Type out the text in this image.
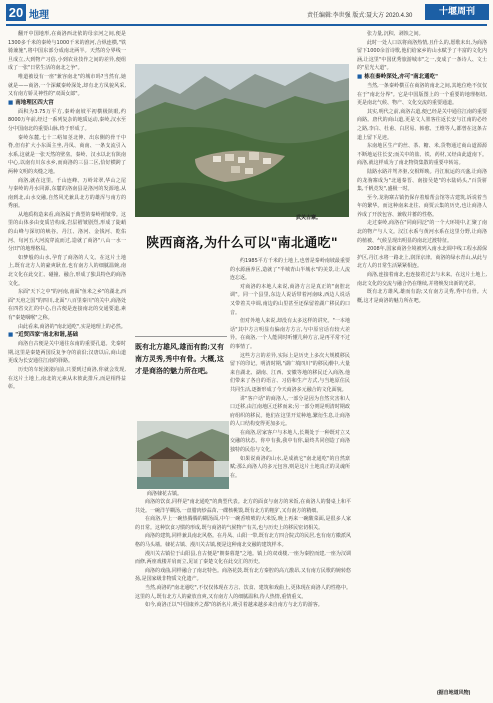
20 地理	责任编辑:李世强 版式:聂大方 2020.4.30	十堰周刊

翻开中国地形,在商洛西北依的母亲河之间,便是1300多千米的秦岭与1000千米的淮河,合纵连横,"铁骑兼施",将中国东部分成南北两半。天然的分界线一旦成立,大到物产习俗,小到农业技作之间的差异,便组成了一张"日常生活的南北之争"。

唯道被设有一座"兼容南北"的城市吗?当然有,她就是——商洛,一个深藏秦岭深处,却有北方凤貌风采,又有南方娇灵神性的"双面女郎"。

■ 南地理区四大宫

面积为3.75万平方,秦岭南坡平初横极陕眼,约8000万年前,经过一系列复杂的地质运动,秦岭,汉水至分中国南北的重要山脉,终于形成了。

秦岭东麓,七十二峪如茎北伸、出东侧的骨干中脊,但有扩大小东面主坐,丹凤、商南、一条支流引入水系,这就是一张天然的壁垒。秦岭、汉水以北有陕南中心,以南有川东水乡,而商洛的三县二区,恰好横跨了两种文明的夹缝之地。

商洛,就在这里。千山连峰、万岭耸翠,华山之尾与秦岭的丹水同源,东麓的洛南县是洛河的发源地,从南到北,山水交融,自然风光兼具北方的雄浑与南方的秀丽。

从地质构造来看,商洛属于典型的秦岭褶皱带。这里的山体多由变质岩构成,岩层褶皱剧烈,形成了陡峭的山峰与深切的峡谷。丹江、洛河、金钱河、乾佑河、旬河五大河流穿流而过,造就了商洛"八山一水一分田"的地理格局。

如梦般的山水,孕育了商洛的人文。在这片土地上,既有北方人的豪爽耿直,也有南方人的细腻温婉,南北文化在此交汇、碰撞、融合,形成了独具特色的商洛文化。

东面"天下之中"的河南,南面"鱼米之乡"的湖北,西面"天府之国"的四川,北面"八百里秦川"的关中,商洛处在四省交汇的中心,自古便是连接南北的交通要道,素有"秦楚咽喉"之称。

由此看来,商洛的"南北通吃",实是地理上的必然。

■ "近贸四家"南北和谐,基础

商洛自古便是关中通往东南的重要孔道。先秦时期,这里是秦楚两国反复争夺的前沿;汉唐以后,商山道更成为长安通往江南的驿路。

历史的车轮滚滚向前,只要到过商洛,你就会发现,在这片土地上,南北的元素从未彼此排斥,而是相得益彰。

张力量,沉积、剥蚀之间。

此时一处人口以将商洛热情,且什么的,愿歌未出,为商洛留下1000余首诗歌,他们给家乡的山水赋予了丰富的文化内涵,让这里"中国优秀旅游城市"之一,变成了一条诗人、文士的"星光大道"。

■ 栋在秦岭深处,亦可"南北通吃"

当然,一条秦岭横亘在商洛的南北之间,其地位绝不仅仅在于"南北分界"。它是中国版图上的一个重要的地理枢纽,更是南北气候、物产、文化交流的重要通道。

其实,明代之前,商洛古道,便已经是关中通往江南的重要商路。唐代的商山道,更是文人墨客往返长安与江南的必经之路,李白、杜甫、白居易、韩愈、王维等人,都曾在这条古道上留下足迹。

东南地区生产的丝、茶、糖、米,货物通过商山道源源不断地运往长安;而关中的盐、铁、药材,又经由此道南下。商洛,就这样成为了南北物资集散的重要中转站。

陆路水路并驾齐驱,交相辉映。丹江航运的兴盛,让商洛的龙驹寨成为"北通秦晋、南接吴楚"的水陆码头,"百货骈集,千帆竞发",盛极一时。

至今,龙驹寨古镇仍保存着船帮会馆等古建筑,诉说着当年的繁华。而这种南来北往、商贾云集的历史,也让商洛人养成了开放包容、兼收并蓄的性格。

走过秦岭,商洛在"同商同泛"的一个大环境中,汇聚了南北的物产与人文。汉江水系与黄河水系在这里分野,让商洛的植被、气候呈现出明显的南北过渡特征。

2008年,国家商洛全境被列入南水北调中线工程水源保护区,丹江水将一路北上,润泽京津。商洛的绿水青山,从此与北方人的日常生活紧紧相连。

商洛,连接着南北,也连接着过去与未来。在这片土地上,南北文化的交流与融合仍在继续,并将焕发出新的光彩。

既有北方雄风,雄而有韵;又有南方灵秀,秀中有骨。大概,这才是商洛的魅力所在吧。

武关古寨。
陕西商洛,为什么可以"南北通吃"

约1985平方千米的土地上,也曾是秦岭南坡最重要的水源涵养区,造就了"半城青山半城水"的美景,让人流连忘返。

对商洛的本地人来说,商洛方言是真正的"南腔北调"。同一个县里,东边人说话带着河南味,西边人说话又带着关中调,南边的山里甚至还保留着湖广移民的口音。

但对外地人来说,却没有太多这样的讲究。"一本地话"其中方言明显有偏南方方言,与中原官话有较大差异。在商洛,一个人能同时听懂几种方言,是再平常不过的事情了。

这些方言的差异,实际上是历史上多次大规模移民留下的印记。明清时期,"湖广填四川"的移民潮中,大量来自湖北、湖南、江西、安徽等地的移民迁入商洛,他们带来了各自的语言、习俗和生产方式,与当地原住民共同生活,逐渐形成了今天商洛多元融合的文化面貌。

讲"客户话"的商洛人,一部分是因为自然灾害和人口迁移,由江南地区迁移而来;另一部分则是明清时期政府组织的移民。他们在这里开荒种地,繁衍生息,让商洛的人口结构变得更加多元。

在商洛,居家客户与本地人,长期处于一种既对立又交融的状态。你中有我,我中有你,最终共同创造了商洛独特的民俗与文化。

如果说商洛的山水,是成就它"南北通吃"的自然禀赋;那么商洛人的多元包容,则是这片土地真正的灵魂所在。

既有北方雄风,雄而有韵;又有南方灵秀,秀中有骨。大概,这才是商洛的魅力所在吧。
商洛棣花古镇。

商洛的饮食,同样是"南北通吃"的典型代表。北方的面食与南方的米饭,在商洛人的餐桌上和平共处。一碗洋芋糊汤,一盘腊肉炒蒜苗,一碟核桃馍,既有北方的粗犷,又有南方的精细。

在商洛,早上一碗热腾腾的糊汤面,中午一碗香喷喷的大米饭,晚上再来一碗酸菜面,是很多人家的日常。这种饮食习惯的形成,既与商洛的气候物产有关,也与历史上的移民密切相关。

商洛的建筑,同样兼具南北风格。在丹凤、山阳一带,既有北方四合院式的民居,也有南方徽派风格的马头墙。棣花古镇、漫川关古镇,便是这种南北交融的建筑样本。

漫川关古镇位于山阳县,自古便是"朝秦暮楚"之地。镇上的双戏楼,一座为秦腔而建,一座为汉调而修,两座戏楼并肩而立,见证了秦楚文化在此交汇的历史。

商洛的戏曲,同样融合了南北特色。商洛花鼓,既有北方秦腔的高亢激昂,又有南方民歌的婉转悠扬,是国家级非物质文化遗产。

当然,商洛的"南北通吃",不仅仅体现在方言、饮食、建筑和戏曲上,更体现在商洛人的性格中。这里的人,既有北方人的豪放直爽,又有南方人的细腻温和,待人热情,重情重义。

如今,商洛正以"中国康养之都"的新名片,吸引着越来越多来自南方与北方的游客。

(据自地道风物)
